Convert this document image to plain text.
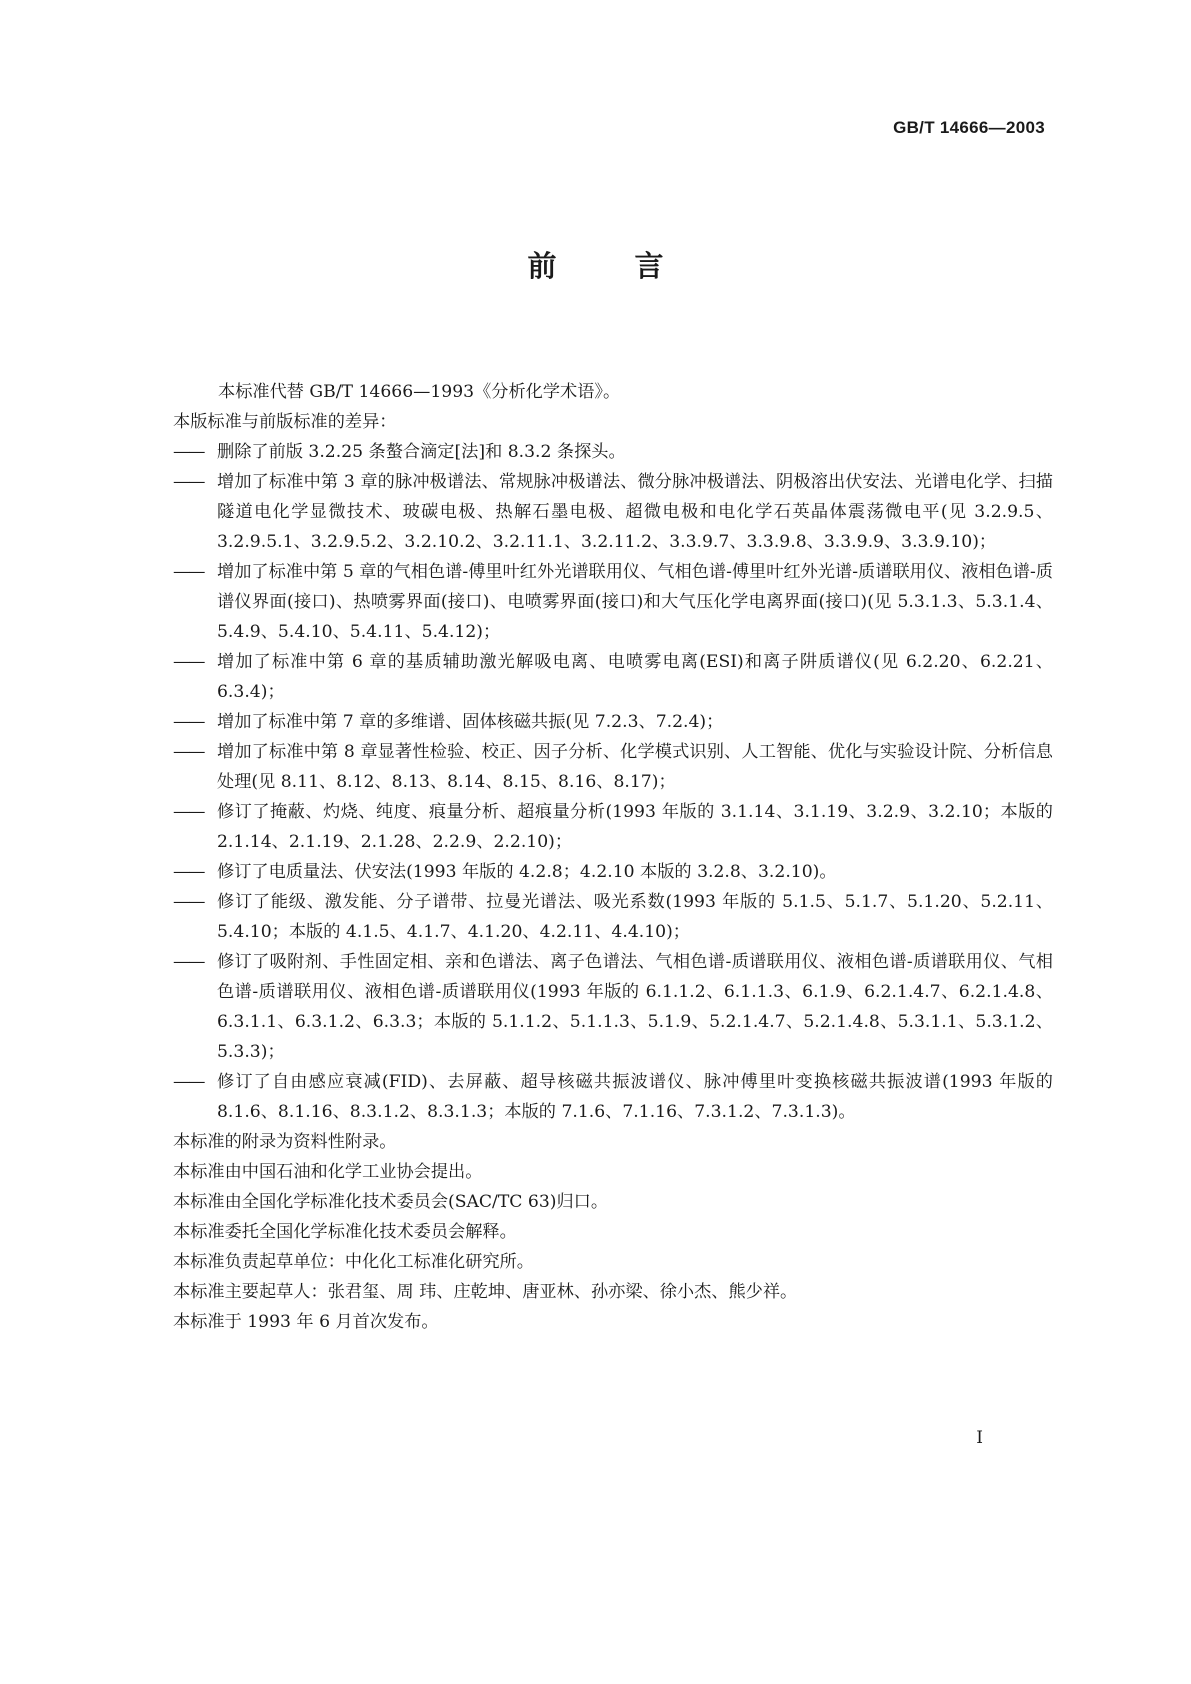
GB/T 14666—2003
前 言

本标准代替 GB/T 14666—1993《分析化学术语》。

本版标准与前版标准的差异：

—— 删除了前版 3.2.25 条螯合滴定[法]和 8.3.2 条探头。
—— 增加了标准中第 3 章的脉冲极谱法、常规脉冲极谱法、微分脉冲极谱法、阴极溶出伏安法、光谱电化学、扫描隧道电化学显微技术、玻碳电极、热解石墨电极、超微电极和电化学石英晶体震荡微电平(见 3.2.9.5、3.2.9.5.1、3.2.9.5.2、3.2.10.2、3.2.11.1、3.2.11.2、3.3.9.7、3.3.9.8、3.3.9.9、3.3.9.10)；
—— 增加了标准中第 5 章的气相色谱-傅里叶红外光谱联用仪、气相色谱-傅里叶红外光谱-质谱联用仪、液相色谱-质谱仪界面(接口)、热喷雾界面(接口)、电喷雾界面(接口)和大气压化学电离界面(接口)(见 5.3.1.3、5.3.1.4、5.4.9、5.4.10、5.4.11、5.4.12)；
—— 增加了标准中第 6 章的基质辅助激光解吸电离、电喷雾电离(ESI)和离子阱质谱仪(见 6.2.20、6.2.21、6.3.4)；
—— 增加了标准中第 7 章的多维谱、固体核磁共振(见 7.2.3、7.2.4)；
—— 增加了标准中第 8 章显著性检验、校正、因子分析、化学模式识别、人工智能、优化与实验设计院、分析信息处理(见 8.11、8.12、8.13、8.14、8.15、8.16、8.17)；
—— 修订了掩蔽、灼烧、纯度、痕量分析、超痕量分析(1993 年版的 3.1.14、3.1.19、3.2.9、3.2.10；本版的 2.1.14、2.1.19、2.1.28、2.2.9、2.2.10)；
—— 修订了电质量法、伏安法(1993 年版的 4.2.8；4.2.10 本版的 3.2.8、3.2.10)。
—— 修订了能级、激发能、分子谱带、拉曼光谱法、吸光系数(1993 年版的 5.1.5、5.1.7、5.1.20、5.2.11、5.4.10；本版的 4.1.5、4.1.7、4.1.20、4.2.11、4.4.10)；
—— 修订了吸附剂、手性固定相、亲和色谱法、离子色谱法、气相色谱-质谱联用仪、液相色谱-质谱联用仪、气相色谱-质谱联用仪、液相色谱-质谱联用仪(1993 年版的 6.1.1.2、6.1.1.3、6.1.9、6.2.1.4.7、6.2.1.4.8、6.3.1.1、6.3.1.2、6.3.3；本版的 5.1.1.2、5.1.1.3、5.1.9、5.2.1.4.7、5.2.1.4.8、5.3.1.1、5.3.1.2、5.3.3)；
—— 修订了自由感应衰减(FID)、去屏蔽、超导核磁共振波谱仪、脉冲傅里叶变换核磁共振波谱(1993 年版的 8.1.6、8.1.16、8.3.1.2、8.3.1.3；本版的 7.1.6、7.1.16、7.3.1.2、7.3.1.3)。

本标准的附录为资料性附录。

本标准由中国石油和化学工业协会提出。

本标准由全国化学标准化技术委员会(SAC/TC 63)归口。

本标准委托全国化学标准化技术委员会解释。

本标准负责起草单位：中化化工标准化研究所。

本标准主要起草人：张君玺、周 玮、庄乾坤、唐亚林、孙亦梁、徐小杰、熊少祥。

本标准于 1993 年 6 月首次发布。

I
